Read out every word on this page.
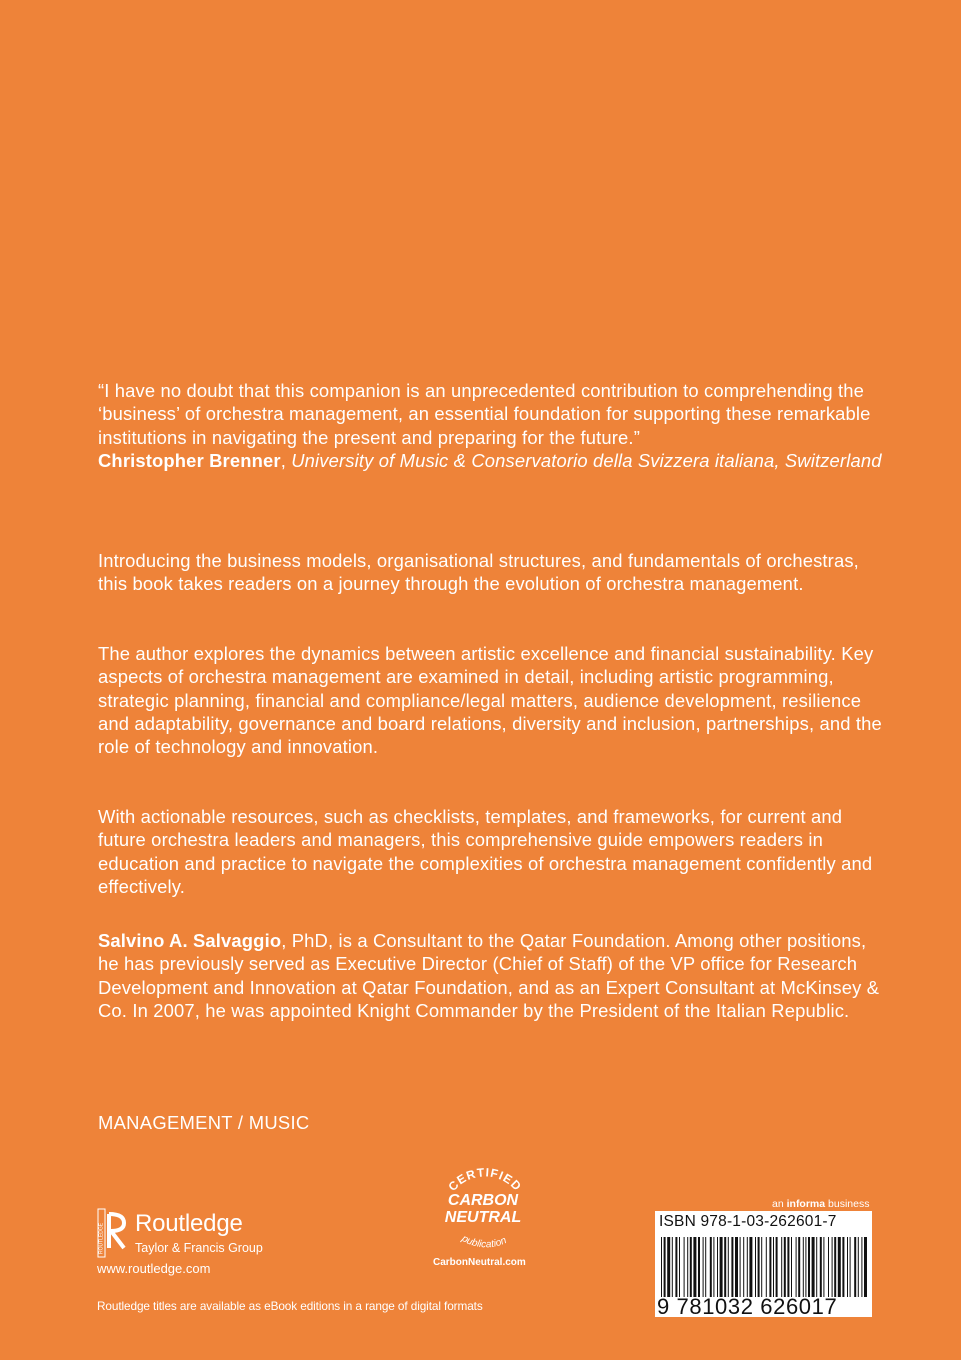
“I have no doubt that this companion is an unprecedented contribution to comprehending the ‘business’ of orchestra management, an essential foundation for supporting these remarkable institutions in navigating the present and preparing for the future.”

Christopher Brenner, University of Music & Conservatorio della Svizzera italiana, Switzerland

Introducing the business models, organisational structures, and fundamentals of orchestras, this book takes readers on a journey through the evolution of orchestra management.

The author explores the dynamics between artistic excellence and financial sustainability. Key aspects of orchestra management are examined in detail, including artistic programming, strategic planning, financial and compliance/legal matters, audience development, resilience and adaptability, governance and board relations, diversity and inclusion, partnerships, and the role of technology and innovation.

With actionable resources, such as checklists, templates, and frameworks, for current and future orchestra leaders and managers, this comprehensive guide empowers readers in education and practice to navigate the complexities of orchestra management confidently and effectively.

Salvino A. Salvaggio, PhD, is a Consultant to the Qatar Foundation. Among other positions, he has previously served as Executive Director (Chief of Staff) of the VP office for Research Development and Innovation at Qatar Foundation, and as an Expert Consultant at McKinsey & Co. In 2007, he was appointed Knight Commander by the President of the Italian Republic.

MANAGEMENT / MUSIC
ROUTLEDGE Routledge
Taylor & Francis Group
www.routledge.com
Routledge titles are available as eBook editions in a range of digital formats
CERTIFIED
CARBON
NEUTRAL
publication
CarbonNeutral.com
an informa business
ISBN 978-1-03-262601-7
9 781032 626017
